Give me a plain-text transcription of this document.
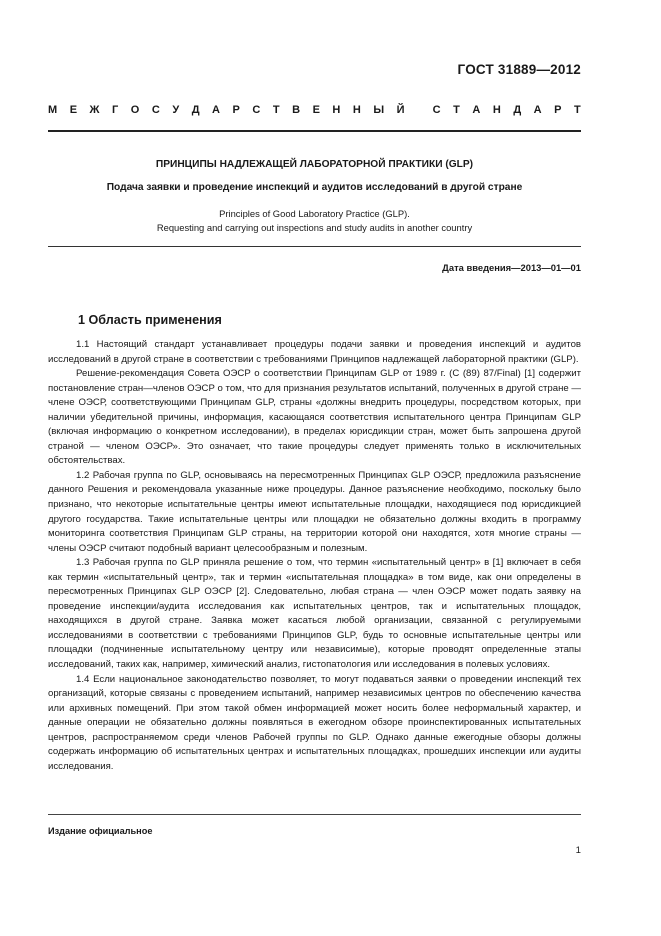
ГОСТ 31889—2012
М Е Ж Г О С У Д А Р С Т В Е Н Н Ы Й
	С Т А Н Д А Р Т
ПРИНЦИПЫ НАДЛЕЖАЩЕЙ ЛАБОРАТОРНОЙ ПРАКТИКИ (GLP)
Подача заявки и проведение инспекций и аудитов исследований в другой стране
Principles of Good Laboratory Practice (GLP).
Requesting and carrying out inspections and study audits in another country
Дата введения—2013—01—01
1 Область применения

1.1 Настоящий стандарт устанавливает процедуры подачи заявки и проведения инспекций и аудитов исследований в другой стране в соответствии с требованиями Принципов надлежащей лабораторной практики (GLP).

Решение-рекомендация Совета ОЭСР о соответствии Принципам GLP от 1989 г. (С (89) 87/Final) [1] содержит постановление стран—членов ОЭСР о том, что для признания результатов испытаний, полученных в другой стране — члене ОЭСР, соответствующими Принципам GLP, страны «должны внедрить процедуры, посредством которых, при наличии убедительной причины, информация, касающаяся соответствия испытательного центра Принципам GLP (включая информацию о конкретном исследовании), в пределах юрисдикции стран, может быть запрошена другой страной — членом ОЭСР». Это означает, что такие процедуры следует применять только в исключительных обстоятельствах.

1.2 Рабочая группа по GLP, основываясь на пересмотренных Принципах GLP ОЭСР, предложила разъяснение данного Решения и рекомендовала указанные ниже процедуры. Данное разъяснение необходимо, поскольку было признано, что некоторые испытательные центры имеют испытательные площадки, находящиеся под юрисдикцией другого государства. Такие испытательные центры или площадки не обязательно должны входить в программу мониторинга соответствия Принципам GLP страны, на территории которой они находятся, хотя многие страны — члены ОЭСР считают подобный вариант целесообразным и полезным.

1.3 Рабочая группа по GLP приняла решение о том, что термин «испытательный центр» в [1] включает в себя как термин «испытательный центр», так и термин «испытательная площадка» в том виде, как они определены в пересмотренных Принципах GLP ОЭСР [2]. Следовательно, любая страна — член ОЭСР может подать заявку на проведение инспекции/аудита исследования как испытательных центров, так и испытательных площадок, находящихся в другой стране. Заявка может касаться любой организации, связанной с регулируемыми исследованиями в соответствии с требованиями Принципов GLP, будь то основные испытательные центры или площадки (подчиненные испытательному центру или независимые), которые проводят определенные этапы исследований, таких как, например, химический анализ, гистопатология или исследования в полевых условиях.

1.4 Если национальное законодательство позволяет, то могут подаваться заявки о проведении инспекций тех организаций, которые связаны с проведением испытаний, например независимых центров по обеспечению качества или архивных помещений. При этом такой обмен информацией может носить более неформальный характер, и данные операции не обязательно должны появляться в ежегодном обзоре проинспектированных испытательных центров, распространяемом среди членов Рабочей группы по GLP. Однако данные ежегодные обзоры должны содержать информацию об испытательных центрах и испытательных площадках, прошедших инспекции или аудиты исследования.

Издание официальное
1
